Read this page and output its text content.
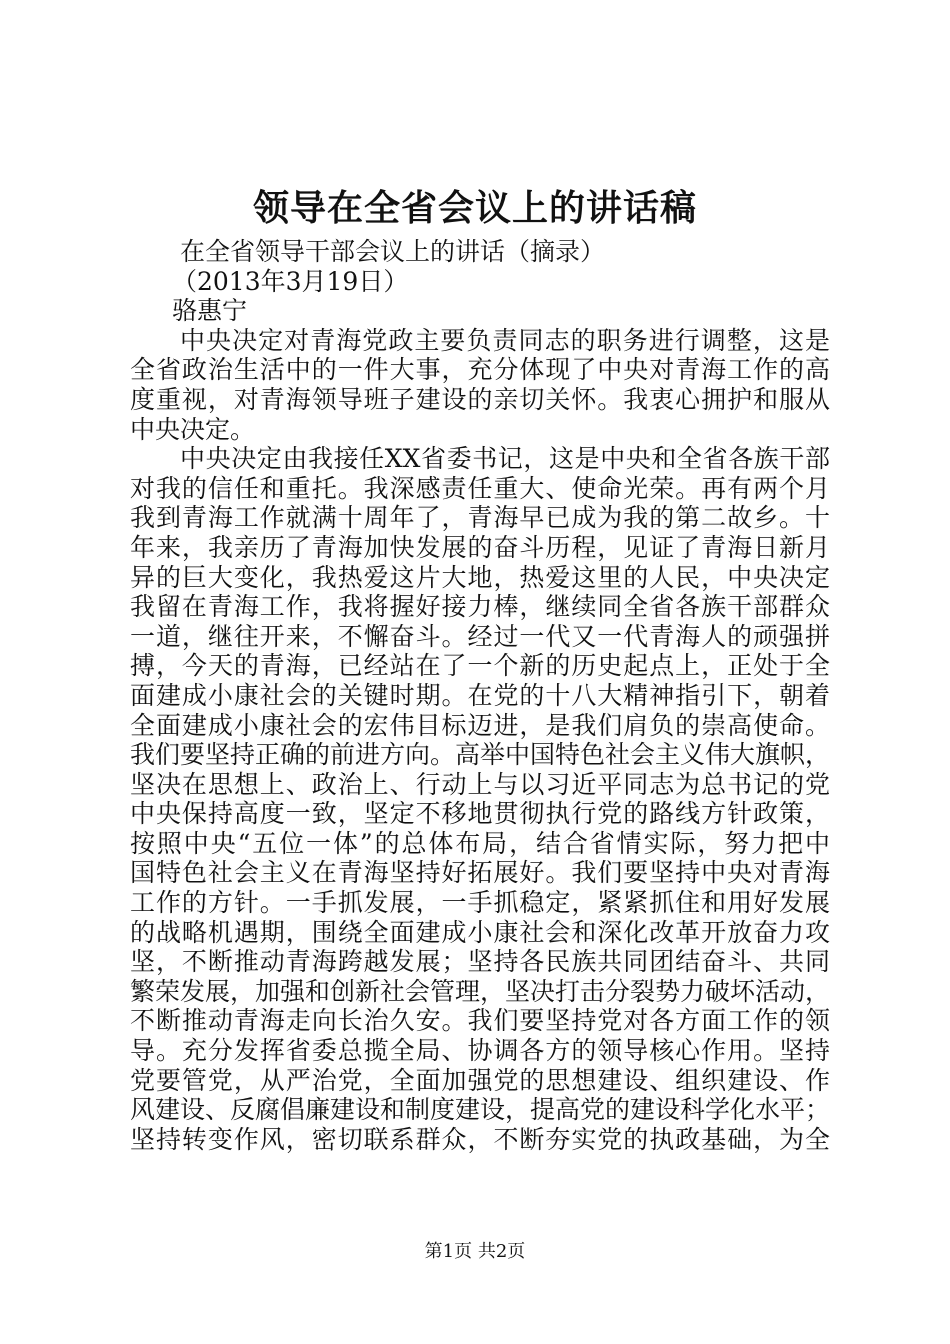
领导在全省会议上的讲话稿

在全省领导干部会议上的讲话（摘录）

（2013年3月19日）

骆惠宁

中央决定对青海党政主要负责同志的职务进行调整，这是

全省政治生活中的一件大事，充分体现了中央对青海工作的高

度重视，对青海领导班子建设的亲切关怀。我衷心拥护和服从

中央决定。

中央决定由我接任XX省委书记，这是中央和全省各族干部

对我的信任和重托。我深感责任重大、使命光荣。再有两个月

我到青海工作就满十周年了，青海早已成为我的第二故乡。十

年来，我亲历了青海加快发展的奋斗历程，见证了青海日新月

异的巨大变化，我热爱这片大地，热爱这里的人民，中央决定

我留在青海工作，我将握好接力棒，继续同全省各族干部群众

一道，继往开来，不懈奋斗。经过一代又一代青海人的顽强拼

搏，今天的青海，已经站在了一个新的历史起点上，正处于全

面建成小康社会的关键时期。在党的十八大精神指引下，朝着

全面建成小康社会的宏伟目标迈进，是我们肩负的崇高使命。

我们要坚持正确的前进方向。高举中国特色社会主义伟大旗帜，

坚决在思想上、政治上、行动上与以习近平同志为总书记的党

中央保持高度一致，坚定不移地贯彻执行党的路线方针政策，

按照中央“五位一体”的总体布局，结合省情实际，努力把中

国特色社会主义在青海坚持好拓展好。我们要坚持中央对青海

工作的方针。一手抓发展，一手抓稳定，紧紧抓住和用好发展

的战略机遇期，围绕全面建成小康社会和深化改革开放奋力攻

坚，不断推动青海跨越发展；坚持各民族共同团结奋斗、共同

繁荣发展，加强和创新社会管理，坚决打击分裂势力破坏活动，

不断推动青海走向长治久安。我们要坚持党对各方面工作的领

导。充分发挥省委总揽全局、协调各方的领导核心作用。坚持

党要管党，从严治党，全面加强党的思想建设、组织建设、作

风建设、反腐倡廉建设和制度建设，提高党的建设科学化水平；

坚持转变作风，密切联系群众，不断夯实党的执政基础，为全

第1页 共2页
